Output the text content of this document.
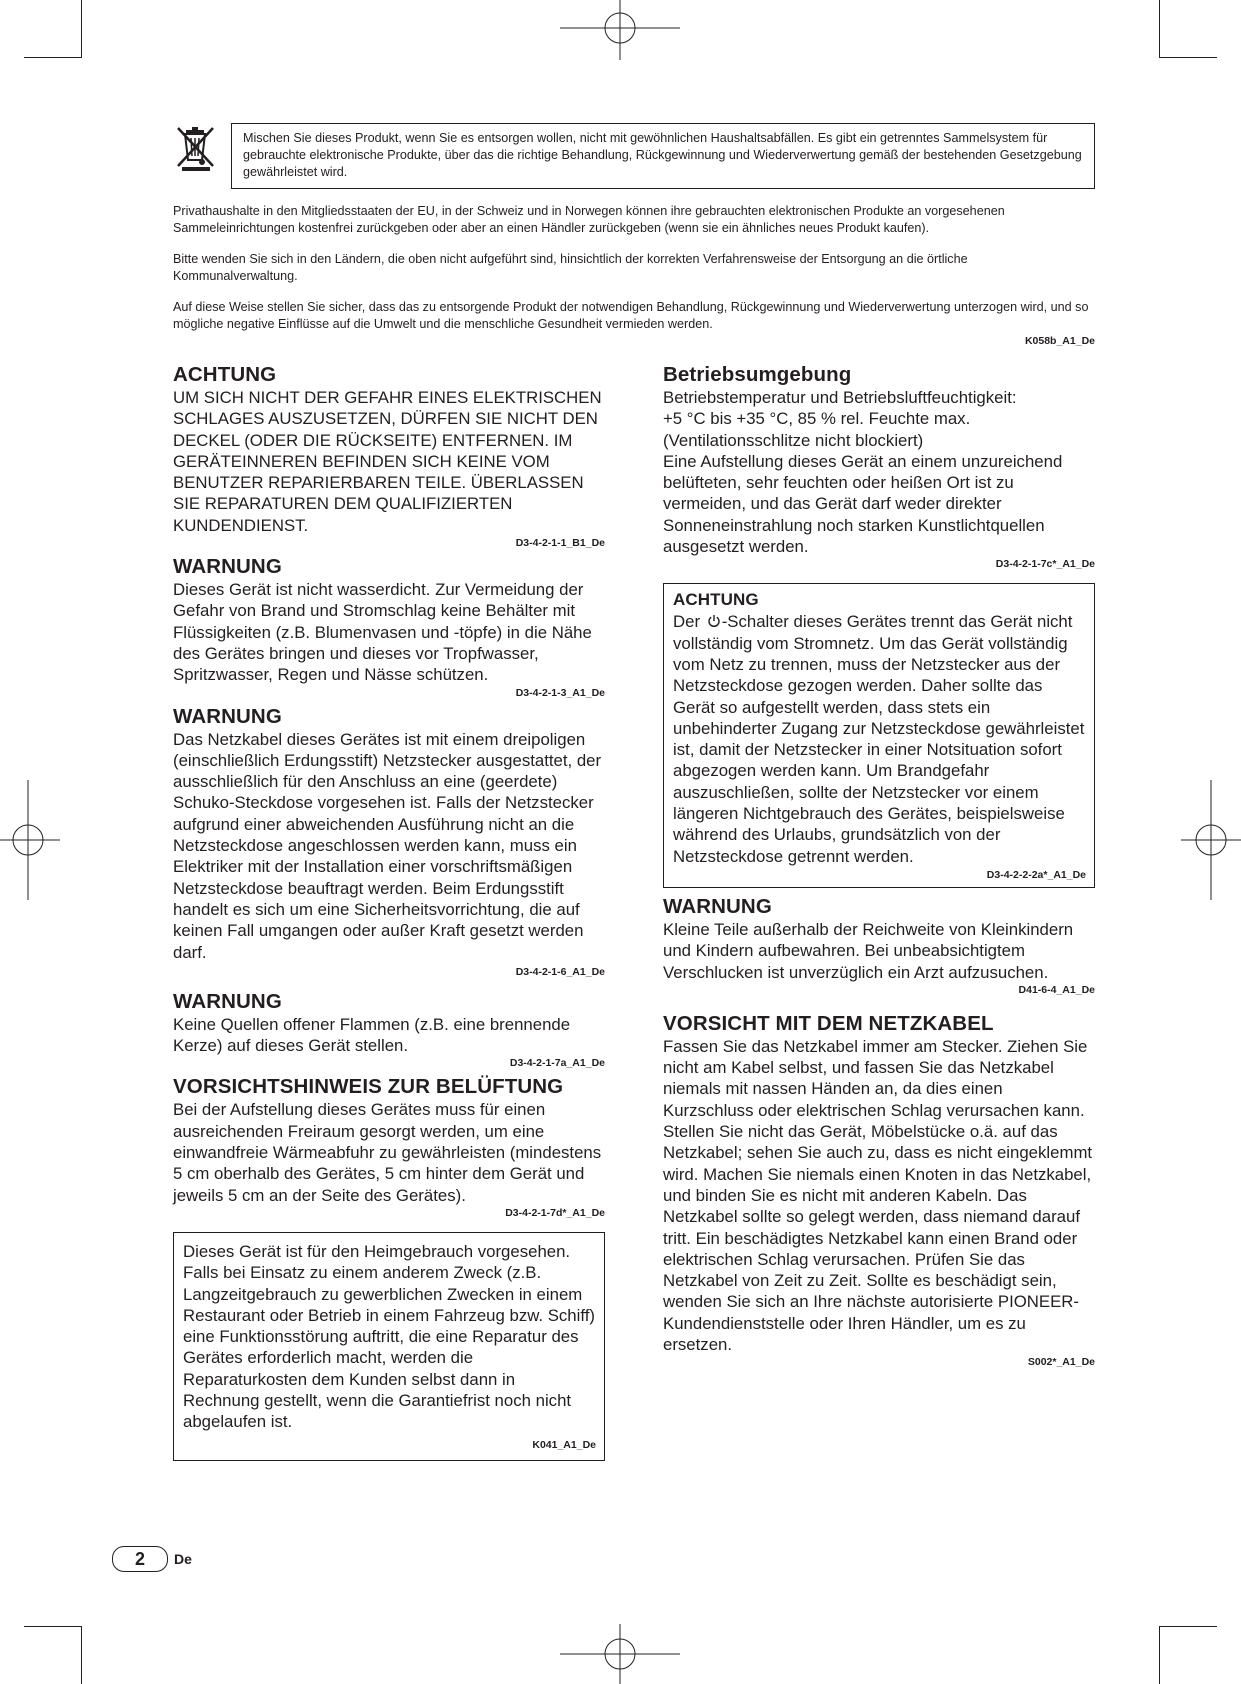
Mischen Sie dieses Produkt, wenn Sie es entsorgen wollen, nicht mit gewöhnlichen Haushaltsabfällen. Es gibt ein getrenntes Sammelsystem für gebrauchte elektronische Produkte, über das die richtige Behandlung, Rückgewinnung und Wiederverwertung gemäß der bestehenden Gesetzgebung gewährleistet wird.

Privathaushalte in den Mitgliedsstaaten der EU, in der Schweiz und in Norwegen können ihre gebrauchten elektronischen Produkte an vorgesehenen Sammeleinrichtungen kostenfrei zurückgeben oder aber an einen Händler zurückgeben (wenn sie ein ähnliches neues Produkt kaufen).

Bitte wenden Sie sich in den Ländern, die oben nicht aufgeführt sind, hinsichtlich der korrekten Verfahrensweise der Entsorgung an die örtliche Kommunalverwaltung.

Auf diese Weise stellen Sie sicher, dass das zu entsorgende Produkt der notwendigen Behandlung, Rückgewinnung und Wiederverwertung unterzogen wird, und so mögliche negative Einflüsse auf die Umwelt und die menschliche Gesundheit vermieden werden.

K058b_A1_De
ACHTUNG

UM SICH NICHT DER GEFAHR EINES ELEKTRISCHEN SCHLAGES AUSZUSETZEN, DÜRFEN SIE NICHT DEN DECKEL (ODER DIE RÜCKSEITE) ENTFERNEN. IM GERÄTEINNEREN BEFINDEN SICH KEINE VOM BENUTZER REPARIERBAREN TEILE. ÜBERLASSEN SIE REPARATUREN DEM QUALIFIZIERTEN KUNDENDIENST.

D3-4-2-1-1_B1_De
WARNUNG

Dieses Gerät ist nicht wasserdicht. Zur Vermeidung der Gefahr von Brand und Stromschlag keine Behälter mit Flüssigkeiten (z.B. Blumenvasen und -töpfe) in die Nähe des Gerätes bringen und dieses vor Tropfwasser, Spritzwasser, Regen und Nässe schützen.

D3-4-2-1-3_A1_De
WARNUNG

Das Netzkabel dieses Gerätes ist mit einem dreipoligen (einschließlich Erdungsstift) Netzstecker ausgestattet, der ausschließlich für den Anschluss an eine (geerdete) Schuko-Steckdose vorgesehen ist. Falls der Netzstecker aufgrund einer abweichenden Ausführung nicht an die Netzsteckdose angeschlossen werden kann, muss ein Elektriker mit der Installation einer vorschriftsmäßigen Netzsteckdose beauftragt werden. Beim Erdungsstift handelt es sich um eine Sicherheitsvorrichtung, die auf keinen Fall umgangen oder außer Kraft gesetzt werden darf.

D3-4-2-1-6_A1_De
WARNUNG

Keine Quellen offener Flammen (z.B. eine brennende Kerze) auf dieses Gerät stellen.

D3-4-2-1-7a_A1_De
VORSICHTSHINWEIS ZUR BELÜFTUNG

Bei der Aufstellung dieses Gerätes muss für einen ausreichenden Freiraum gesorgt werden, um eine einwandfreie Wärmeabfuhr zu gewährleisten (mindestens 5 cm oberhalb des Gerätes, 5 cm hinter dem Gerät und jeweils 5 cm an der Seite des Gerätes).

D3-4-2-1-7d*_A1_De

Dieses Gerät ist für den Heimgebrauch vorgesehen. Falls bei Einsatz zu einem anderem Zweck (z.B. Langzeitgebrauch zu gewerblichen Zwecken in einem Restaurant oder Betrieb in einem Fahrzeug bzw. Schiff) eine Funktionsstörung auftritt, die eine Reparatur des Gerätes erforderlich macht, werden die Reparaturkosten dem Kunden selbst dann in Rechnung gestellt, wenn die Garantiefrist noch nicht abgelaufen ist.

K041_A1_De
Betriebsumgebung

Betriebstemperatur und Betriebsluftfeuchtigkeit:

+5 °C bis +35 °C, 85 % rel. Feuchte max.

(Ventilationsschlitze nicht blockiert)

Eine Aufstellung dieses Gerät an einem unzureichend belüfteten, sehr feuchten oder heißen Ort ist zu vermeiden, und das Gerät darf weder direkter Sonneneinstrahlung noch starken Kunstlichtquellen ausgesetzt werden.

D3-4-2-1-7c*_A1_De
ACHTUNG

Der -Schalter dieses Gerätes trennt das Gerät nicht vollständig vom Stromnetz. Um das Gerät vollständig vom Netz zu trennen, muss der Netzstecker aus der Netzsteckdose gezogen werden. Daher sollte das Gerät so aufgestellt werden, dass stets ein unbehinderter Zugang zur Netzsteckdose gewährleistet ist, damit der Netzstecker in einer Notsituation sofort abgezogen werden kann. Um Brandgefahr auszuschließen, sollte der Netzstecker vor einem längeren Nichtgebrauch des Gerätes, beispielsweise während des Urlaubs, grundsätzlich von der Netzsteckdose getrennt werden.

D3-4-2-2-2a*_A1_De
WARNUNG

Kleine Teile außerhalb der Reichweite von Kleinkindern und Kindern aufbewahren. Bei unbeabsichtigtem Verschlucken ist unverzüglich ein Arzt aufzusuchen.

D41-6-4_A1_De
VORSICHT MIT DEM NETZKABEL

Fassen Sie das Netzkabel immer am Stecker. Ziehen Sie nicht am Kabel selbst, und fassen Sie das Netzkabel niemals mit nassen Händen an, da dies einen Kurzschluss oder elektrischen Schlag verursachen kann. Stellen Sie nicht das Gerät, Möbelstücke o.ä. auf das Netzkabel; sehen Sie auch zu, dass es nicht eingeklemmt wird. Machen Sie niemals einen Knoten in das Netzkabel, und binden Sie es nicht mit anderen Kabeln. Das Netzkabel sollte so gelegt werden, dass niemand darauf tritt. Ein beschädigtes Netzkabel kann einen Brand oder elektrischen Schlag verursachen. Prüfen Sie das Netzkabel von Zeit zu Zeit. Sollte es beschädigt sein, wenden Sie sich an Ihre nächste autorisierte PIONEER-Kundendienststelle oder Ihren Händler, um es zu ersetzen.

S002*_A1_De
2	De
